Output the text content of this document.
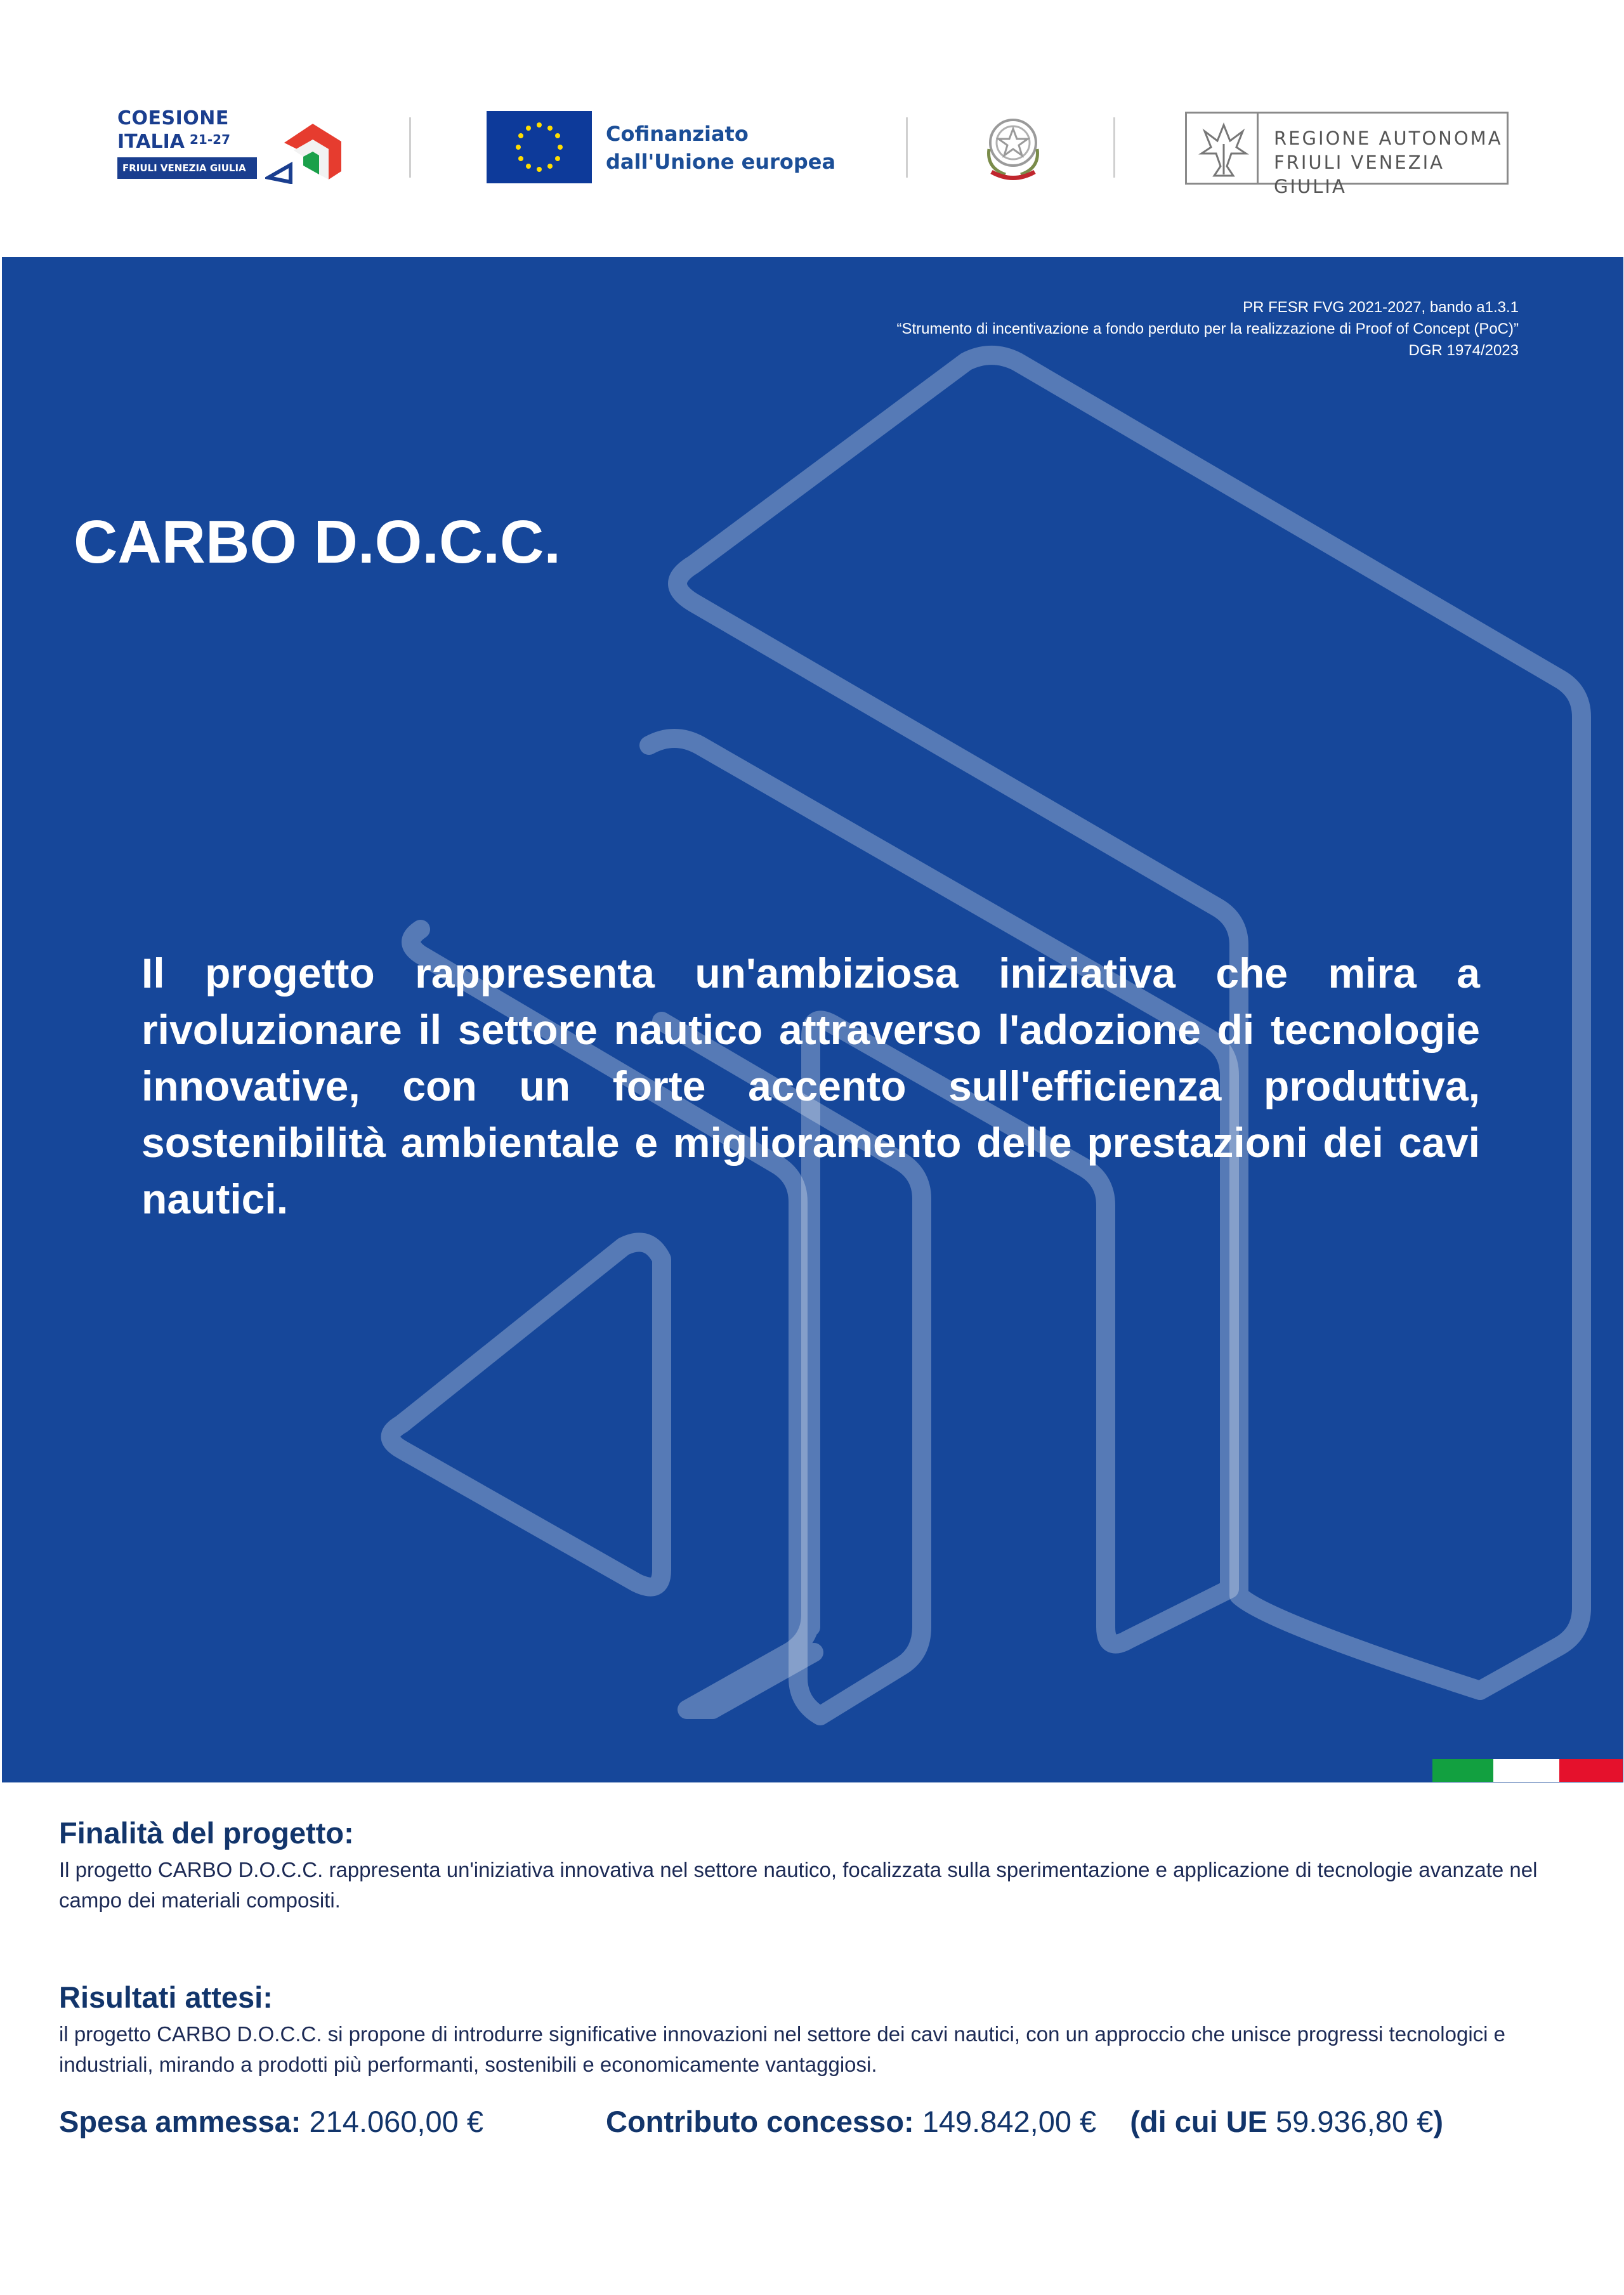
COESIONE
ITALIA $^{21-27}$
FRIULI VENEZIA GIULIA
Cofinanziato
dall'Unione europea
REGIONE AUTONOMA
FRIULI VENEZIA GIULIA
PR FESR FVG 2021-2027, bando a1.3.1
“Strumento di incentivazione a fondo perduto per la realizzazione di Proof of Concept (PoC)”
DGR 1974/2023
CARBO D.O.C.C.
Il progetto rappresenta un'ambiziosa iniziativa che mira a rivoluzionare il settore nautico attraverso l'adozione di tecnologie innovative, con un forte accento sull'efficienza produttiva, sostenibilità ambientale e miglioramento delle prestazioni dei cavi nautici.
Finalità del progetto:
Il progetto CARBO D.O.C.C. rappresenta un'iniziativa innovativa nel settore nautico, focalizzata sulla sperimentazione e applicazione di tecnologie avanzate nel campo dei materiali compositi.
Risultati attesi:
il progetto CARBO D.O.C.C. si propone di introdurre significative innovazioni nel settore dei cavi nautici, con un approccio che unisce progressi tecnologici e industriali, mirando a prodotti più performanti, sostenibili e economicamente vantaggiosi.
Spesa ammessa: 214.060,00 €	Contributo concesso: 149.842,00 € (di cui UE 59.936,80 €)
